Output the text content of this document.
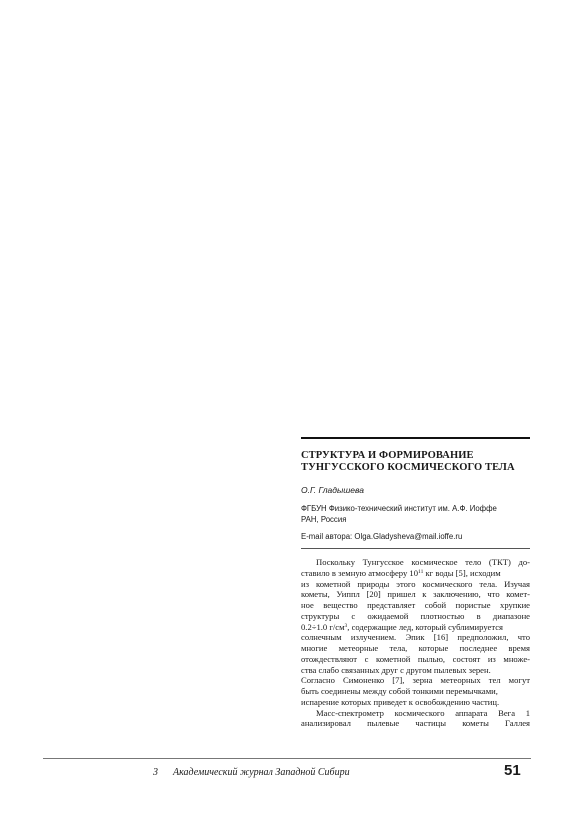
СТРУКТУРА И ФОРМИРОВАНИЕ
ТУНГУССКОГО КОСМИЧЕСКОГО ТЕЛА
О.Г. Гладышева
ФГБУН Физико-технический институт им. А.Ф. Иоффе
РАН, Россия
E-mail автора: Olga.Gladysheva@mail.ioffe.ru
Поскольку Тунгусское космическое тело (ТКТ) до-
ставило в земную атмосферу $10^{11}$ кг воды [5], исходим
из кометной природы этого космического тела. Изучая
кометы, Уиппл [20] пришел к заключению, что комет-
ное вещество представляет собой пористые хрупкие
структуры с ожидаемой плотностью в диапазоне
0.2÷1.0 $г/см^3$, содержащие лед, который сублимируется
солнечным излучением. Эпик [16] предположил, что
многие метеорные тела, которые последнее время
отождествляют с кометной пылью, состоят из множе-
ства слабо связанных друг с другом пылевых зерен.
Согласно Симоненко [7], зерна метеорных тел могут
быть соединены между собой тонкими перемычками,
испарение которых приведет к освобождению частиц.
Масс-спектрометр космического аппарата Вега 1
анализировал пылевые частицы кометы Галлея
3 Академический журнал Западной Сибири	51
